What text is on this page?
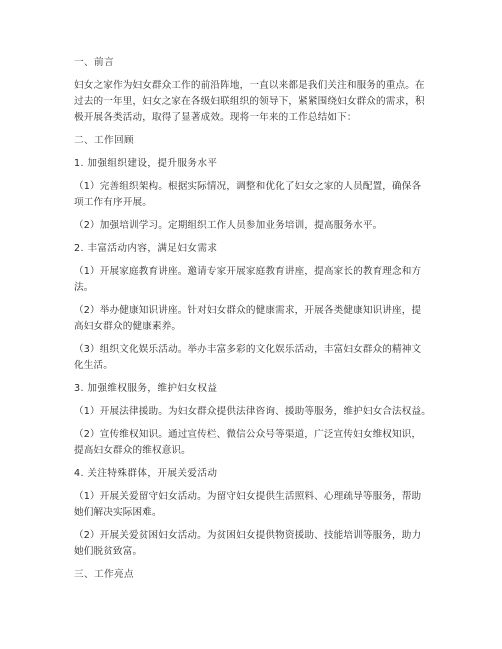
一、前言
妇女之家作为妇女群众工作的前沿阵地，一直以来都是我们关注和服务的重点。在
过去的一年里，妇女之家在各级妇联组织的领导下，紧紧围绕妇女群众的需求，积
极开展各类活动，取得了显著成效。现将一年来的工作总结如下：
二、工作回顾
1. 加强组织建设，提升服务水平
（1）完善组织架构。根据实际情况，调整和优化了妇女之家的人员配置，确保各
项工作有序开展。
（2）加强培训学习。定期组织工作人员参加业务培训，提高服务水平。
2. 丰富活动内容，满足妇女需求
（1）开展家庭教育讲座。邀请专家开展家庭教育讲座，提高家长的教育理念和方
法。
（2）举办健康知识讲座。针对妇女群众的健康需求，开展各类健康知识讲座，提
高妇女群众的健康素养。
（3）组织文化娱乐活动。举办丰富多彩的文化娱乐活动，丰富妇女群众的精神文
化生活。
3. 加强维权服务，维护妇女权益
（1）开展法律援助。为妇女群众提供法律咨询、援助等服务，维护妇女合法权益。
（2）宣传维权知识。通过宣传栏、微信公众号等渠道，广泛宣传妇女维权知识，
提高妇女群众的维权意识。
4. 关注特殊群体，开展关爱活动
（1）开展关爱留守妇女活动。为留守妇女提供生活照料、心理疏导等服务，帮助
她们解决实际困难。
（2）开展关爱贫困妇女活动。为贫困妇女提供物资援助、技能培训等服务，助力
她们脱贫致富。
三、工作亮点
